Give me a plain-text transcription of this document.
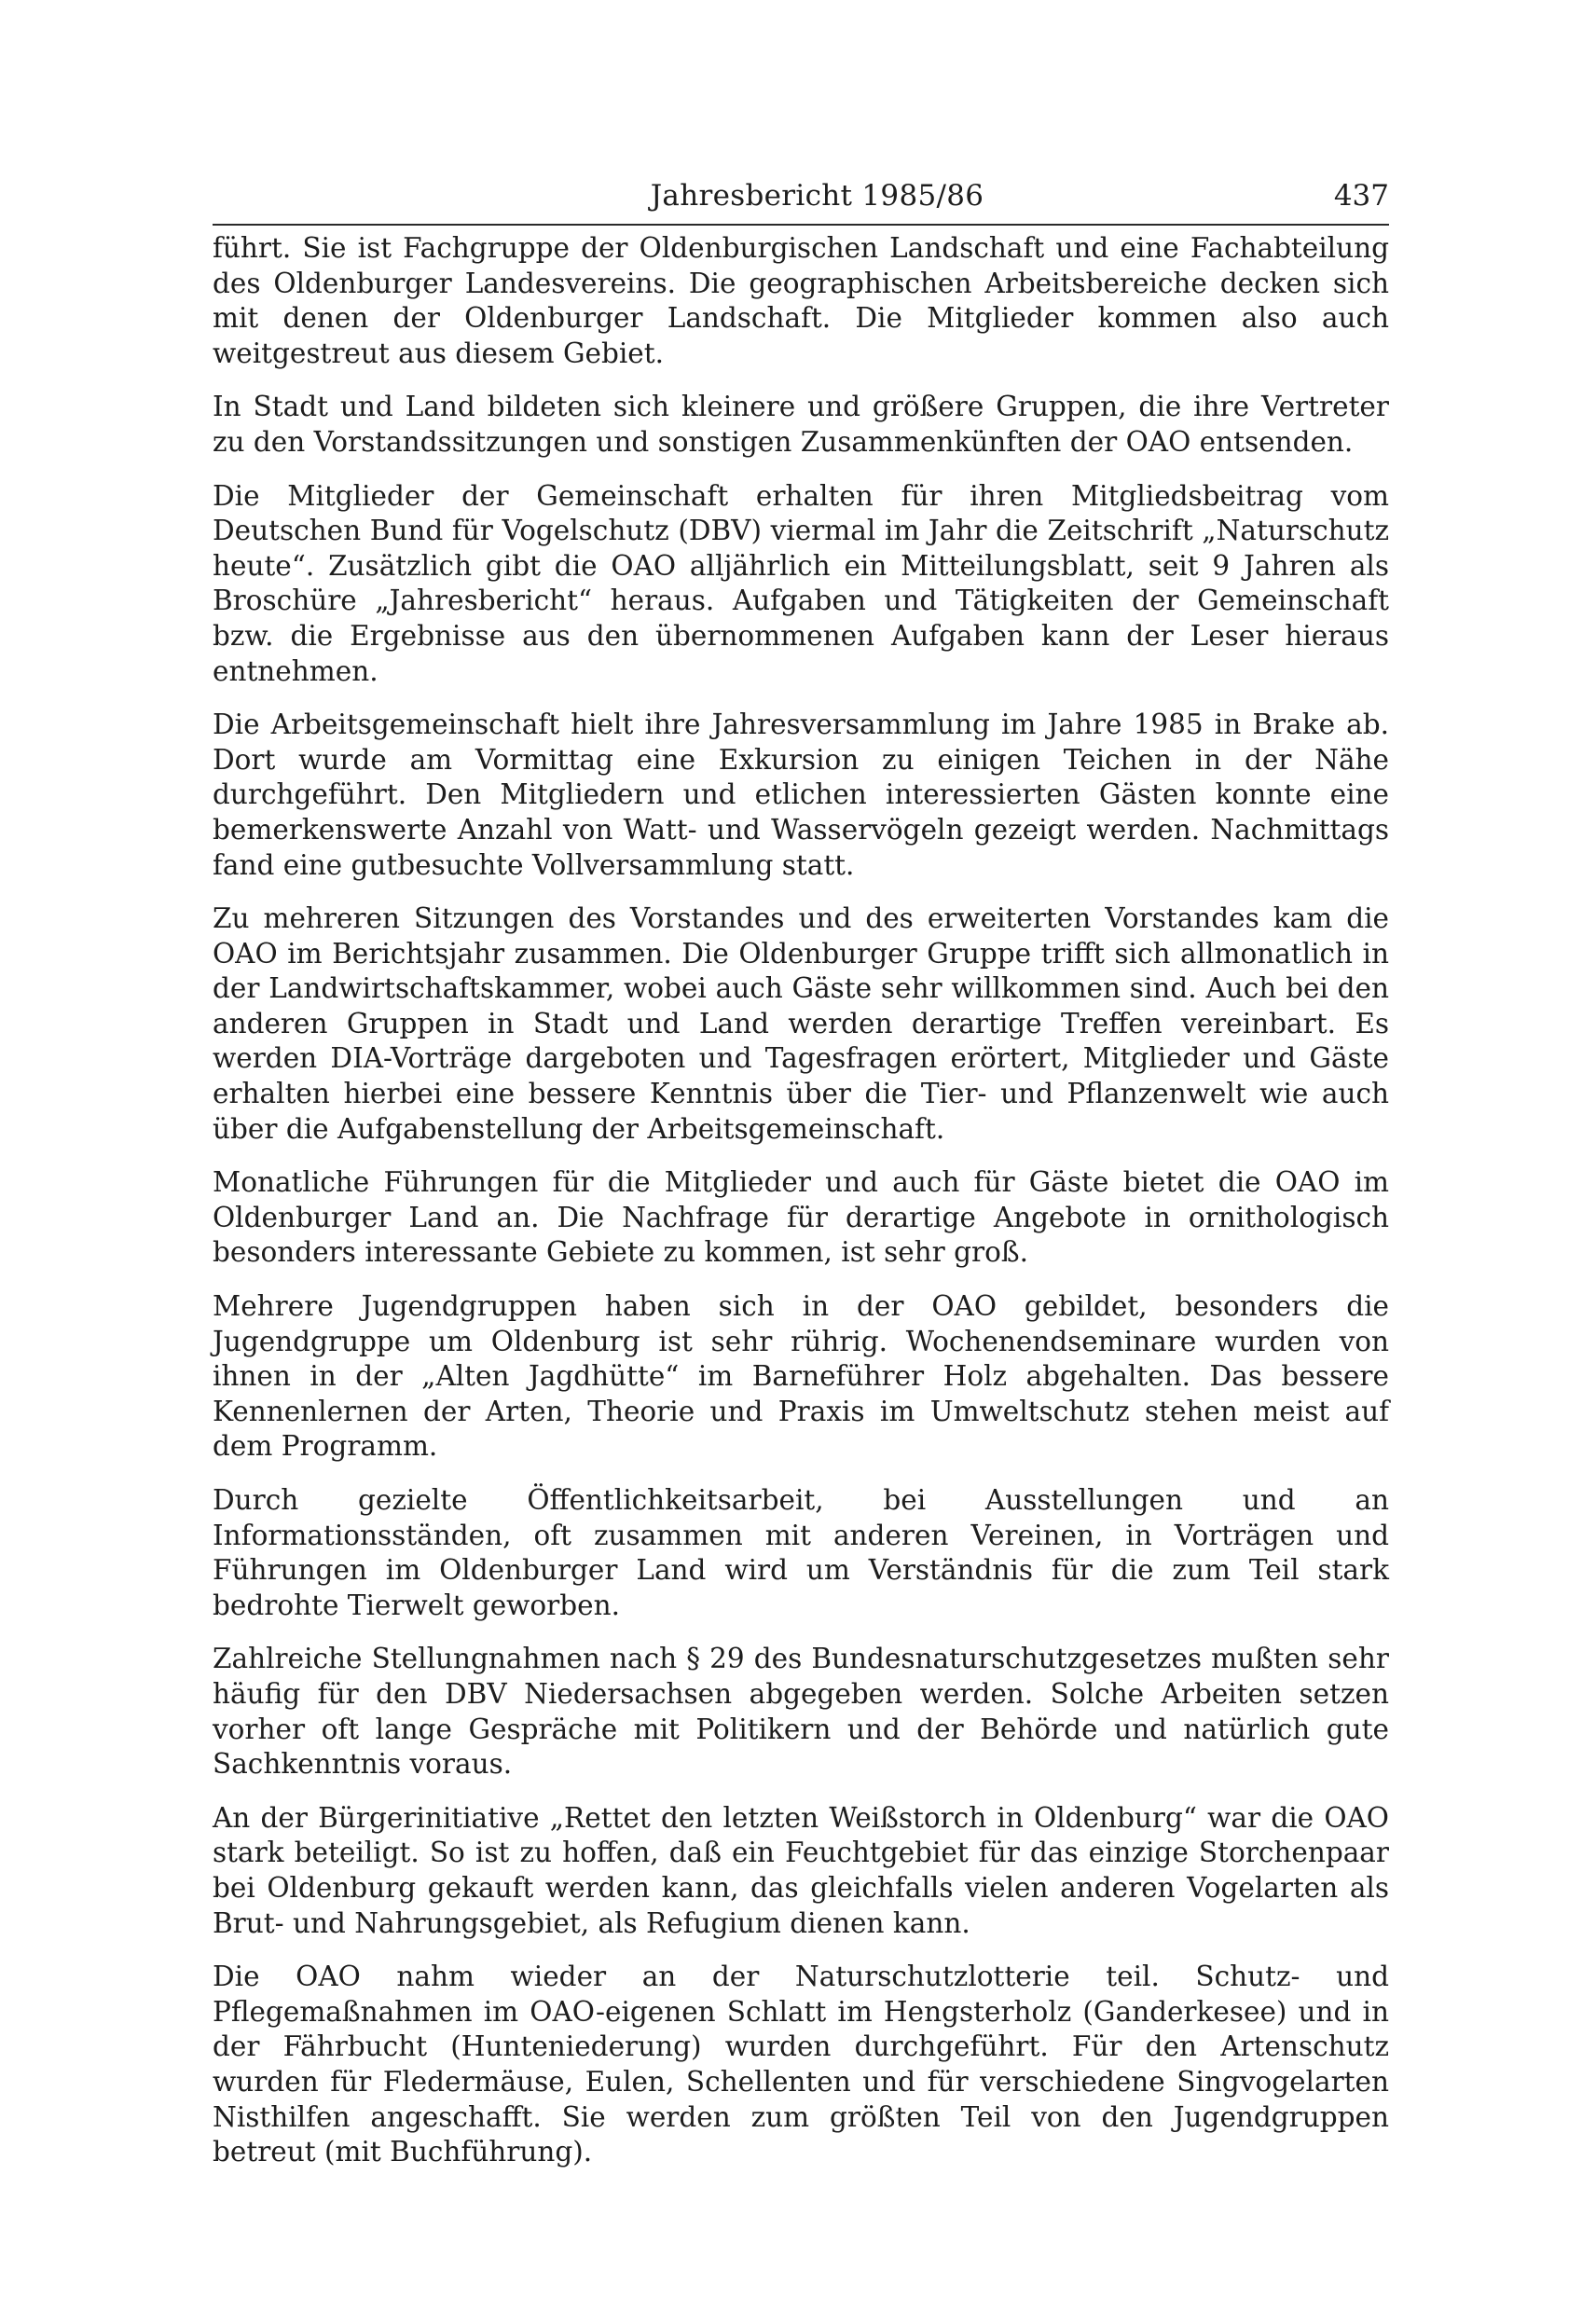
Jahresbericht 1985/86	437

führt. Sie ist Fachgruppe der Oldenburgischen Landschaft und eine Fachabteilung des Oldenburger Landesvereins. Die geographischen Arbeitsbereiche decken sich mit denen der Oldenburger Landschaft. Die Mitglieder kommen also auch weitgestreut aus diesem Gebiet.

In Stadt und Land bildeten sich kleinere und größere Gruppen, die ihre Vertreter zu den Vorstandssitzungen und sonstigen Zusammenkünften der OAO entsenden.

Die Mitglieder der Gemeinschaft erhalten für ihren Mitgliedsbeitrag vom Deutschen Bund für Vogelschutz (DBV) viermal im Jahr die Zeitschrift „Naturschutz heute“. Zusätzlich gibt die OAO alljährlich ein Mitteilungsblatt, seit 9 Jahren als Broschüre „Jahresbericht“ heraus. Aufgaben und Tätigkeiten der Gemeinschaft bzw. die Ergebnisse aus den übernommenen Aufgaben kann der Leser hieraus entnehmen.

Die Arbeitsgemeinschaft hielt ihre Jahresversammlung im Jahre 1985 in Brake ab. Dort wurde am Vormittag eine Exkursion zu einigen Teichen in der Nähe durchgeführt. Den Mitgliedern und etlichen interessierten Gästen konnte eine bemerkenswerte Anzahl von Watt- und Wasservögeln gezeigt werden. Nachmittags fand eine gutbesuchte Vollversammlung statt.

Zu mehreren Sitzungen des Vorstandes und des erweiterten Vorstandes kam die OAO im Berichtsjahr zusammen. Die Oldenburger Gruppe trifft sich allmonatlich in der Landwirtschaftskammer, wobei auch Gäste sehr willkommen sind. Auch bei den anderen Gruppen in Stadt und Land werden derartige Treffen vereinbart. Es werden DIA-Vorträge dargeboten und Tagesfragen erörtert, Mitglieder und Gäste erhalten hierbei eine bessere Kenntnis über die Tier- und Pflanzenwelt wie auch über die Aufgabenstellung der Arbeitsgemeinschaft.

Monatliche Führungen für die Mitglieder und auch für Gäste bietet die OAO im Oldenburger Land an. Die Nachfrage für derartige Angebote in ornithologisch besonders interessante Gebiete zu kommen, ist sehr groß.

Mehrere Jugendgruppen haben sich in der OAO gebildet, besonders die Jugendgruppe um Oldenburg ist sehr rührig. Wochenendseminare wurden von ihnen in der „Alten Jagdhütte“ im Barneführer Holz abgehalten. Das bessere Kennenlernen der Arten, Theorie und Praxis im Umweltschutz stehen meist auf dem Programm.

Durch gezielte Öffentlichkeitsarbeit, bei Ausstellungen und an Informationsständen, oft zusammen mit anderen Vereinen, in Vorträgen und Führungen im Oldenburger Land wird um Verständnis für die zum Teil stark bedrohte Tierwelt geworben.

Zahlreiche Stellungnahmen nach § 29 des Bundesnaturschutzgesetzes mußten sehr häufig für den DBV Niedersachsen abgegeben werden. Solche Arbeiten setzen vorher oft lange Gespräche mit Politikern und der Behörde und natürlich gute Sachkenntnis voraus.

An der Bürgerinitiative „Rettet den letzten Weißstorch in Oldenburg“ war die OAO stark beteiligt. So ist zu hoffen, daß ein Feuchtgebiet für das einzige Storchenpaar bei Oldenburg gekauft werden kann, das gleichfalls vielen anderen Vogelarten als Brut- und Nahrungsgebiet, als Refugium dienen kann.

Die OAO nahm wieder an der Naturschutzlotterie teil. Schutz- und Pflegemaßnahmen im OAO-eigenen Schlatt im Hengsterholz (Ganderkesee) und in der Fährbucht (Hunteniederung) wurden durchgeführt. Für den Artenschutz wurden für Fledermäuse, Eulen, Schellenten und für verschiedene Singvogelarten Nisthilfen angeschafft. Sie werden zum größten Teil von den Jugendgruppen betreut (mit Buchführung).
